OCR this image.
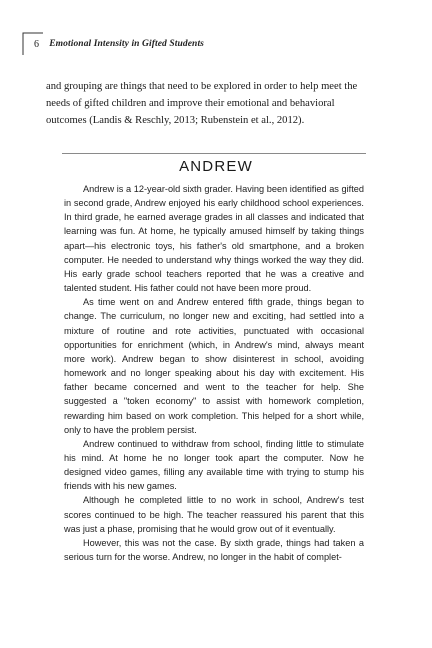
6 Emotional Intensity in Gifted Students

and grouping are things that need to be explored in order to help meet the needs of gifted children and improve their emotional and behavioral outcomes (Landis & Reschly, 2013; Rubenstein et al., 2012).

ANDREW

Andrew is a 12-year-old sixth grader. Having been identified as gifted in second grade, Andrew enjoyed his early childhood school experiences. In third grade, he earned average grades in all classes and indicated that learning was fun. At home, he typically amused himself by taking things apart—his electronic toys, his father's old smartphone, and a broken computer. He needed to understand why things worked the way they did. His early grade school teachers reported that he was a creative and talented student. His father could not have been more proud.

As time went on and Andrew entered fifth grade, things began to change. The curriculum, no longer new and exciting, had settled into a mixture of routine and rote activities, punctuated with occasional opportunities for enrichment (which, in Andrew's mind, always meant more work). Andrew began to show disinterest in school, avoiding homework and no longer speaking about his day with excitement. His father became concerned and went to the teacher for help. She suggested a "token economy" to assist with homework completion, rewarding him based on work completion. This helped for a short while, only to have the problem persist.

Andrew continued to withdraw from school, finding little to stimulate his mind. At home he no longer took apart the computer. Now he designed video games, filling any available time with trying to stump his friends with his new games.

Although he completed little to no work in school, Andrew's test scores continued to be high. The teacher reassured his parent that this was just a phase, promising that he would grow out of it eventually.

However, this was not the case. By sixth grade, things had taken a serious turn for the worse. Andrew, no longer in the habit of complet-
